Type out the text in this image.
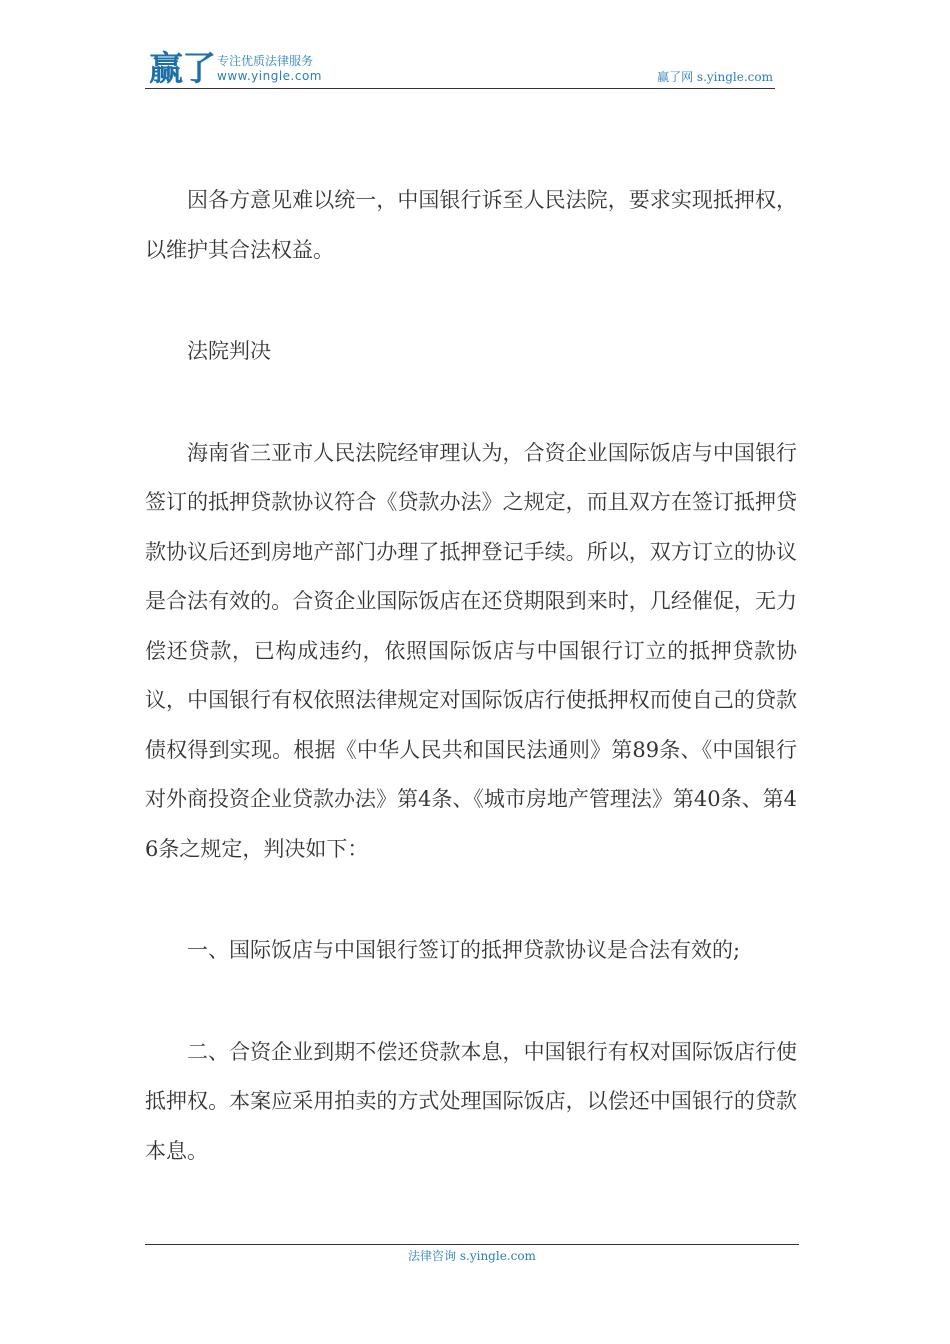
赢了 专注优质法律服务
www.yingle.com	赢了网 s.yingle.com

因各方意见难以统一，中国银行诉至人民法院，要求实现抵押权，以维护其合法权益。

法院判决

海南省三亚市人民法院经审理认为，合资企业国际饭店与中国银行签订的抵押贷款协议符合《贷款办法》之规定，而且双方在签订抵押贷款协议后还到房地产部门办理了抵押登记手续。所以，双方订立的协议是合法有效的。合资企业国际饭店在还贷期限到来时，几经催促，无力偿还贷款，已构成违约，依照国际饭店与中国银行订立的抵押贷款协议，中国银行有权依照法律规定对国际饭店行使抵押权而使自己的贷款债权得到实现。根据《中华人民共和国民法通则》第89条、《中国银行对外商投资企业贷款办法》第4条、《城市房地产管理法》第40条、第46条之规定，判决如下：

一、国际饭店与中国银行签订的抵押贷款协议是合法有效的;

二、合资企业到期不偿还贷款本息，中国银行有权对国际饭店行使抵押权。本案应采用拍卖的方式处理国际饭店，以偿还中国银行的贷款本息。

法律咨询 s.yingle.com
